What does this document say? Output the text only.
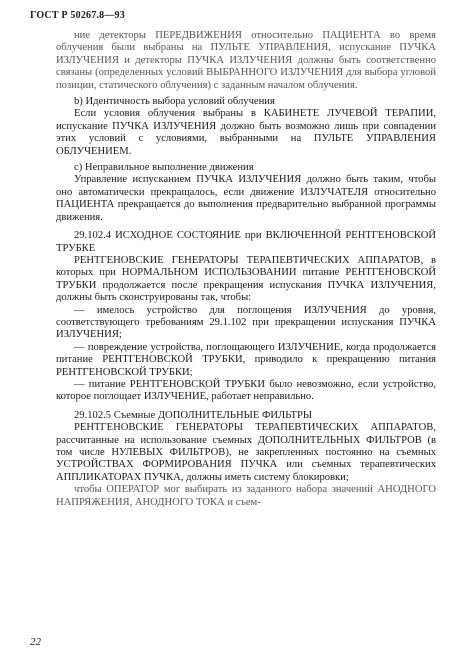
ГОСТ Р 50267.8—93

ние детекторы ПЕРЕДВИЖЕНИЯ относительно ПАЦИЕНТА во время облучения были выбраны на ПУЛЬТЕ УПРАВЛЕНИЯ, испускание ПУЧКА ИЗЛУЧЕНИЯ и детекторы ПУЧКА ИЗЛУЧЕНИЯ должны быть соответственно связаны (определенных условий ВЫБРАННОГО ИЗЛУЧЕНИЯ для выбора угловой позиции, статического облучения) с заданным началом облучения.

b) Идентичность выбора условий облучения

Если условия облучения выбраны в КАБИНЕТЕ ЛУЧЕВОЙ ТЕРАПИИ, испускание ПУЧКА ИЗЛУЧЕНИЯ должно быть возможно лишь при совпадении этих условий с условиями, выбранными на ПУЛЬТЕ УПРАВЛЕНИЯ ОБЛУЧЕНИЕМ.

c) Неправильное выполнение движения

Управление испусканием ПУЧКА ИЗЛУЧЕНИЯ должно быть таким, чтобы оно автоматически прекращалось, если движение ИЗЛУЧАТЕЛЯ относительно ПАЦИЕНТА прекращается до выполнения предварительно выбранной программы движения.

29.102.4 ИСХОДНОЕ СОСТОЯНИЕ при ВКЛЮЧЕННОЙ РЕНТГЕНОВСКОЙ ТРУБКЕ

РЕНТГЕНОВСКИЕ ГЕНЕРАТОРЫ ТЕРАПЕВТИЧЕСКИХ АППАРАТОВ, в которых при НОРМАЛЬНОМ ИСПОЛЬЗОВАНИИ питание РЕНТГЕНОВСКОЙ ТРУБКИ продолжается после прекращения испускания ПУЧКА ИЗЛУЧЕНИЯ, должны быть сконструированы так, чтобы:

— имелось устройство для поглощения ИЗЛУЧЕНИЯ до уровня, соответствующего требованиям 29.1.102 при прекращении испускания ПУЧКА ИЗЛУЧЕНИЯ;

— повреждение устройства, поглощающего ИЗЛУЧЕНИЕ, когда продолжается питание РЕНТГЕНОВСКОЙ ТРУБКИ, приводило к прекращению питания РЕНТГЕНОВСКОЙ ТРУБКИ;

— питание РЕНТГЕНОВСКОЙ ТРУБКИ было невозможно, если устройство, которое поглощает ИЗЛУЧЕНИЕ, работает неправильно.

29.102.5 Съемные ДОПОЛНИТЕЛЬНЫЕ ФИЛЬТРЫ

РЕНТГЕНОВСКИЕ ГЕНЕРАТОРЫ ТЕРАПЕВТИЧЕСКИХ АППАРАТОВ, рассчитанные на использование съемных ДОПОЛНИТЕЛЬНЫХ ФИЛЬТРОВ (в том числе НУЛЕВЫХ ФИЛЬТРОВ), не закрепленных постоянно на съемных УСТРОЙСТВАХ ФОРМИРОВАНИЯ ПУЧКА или съемных терапевтических АППЛИКАТОРАХ ПУЧКА, должны иметь систему блокировки;

чтобы ОПЕРАТОР мог выбирать из заданного набора значений АНОДНОГО НАПРЯЖЕНИЯ, АНОДНОГО ТОКА и съем-

22
